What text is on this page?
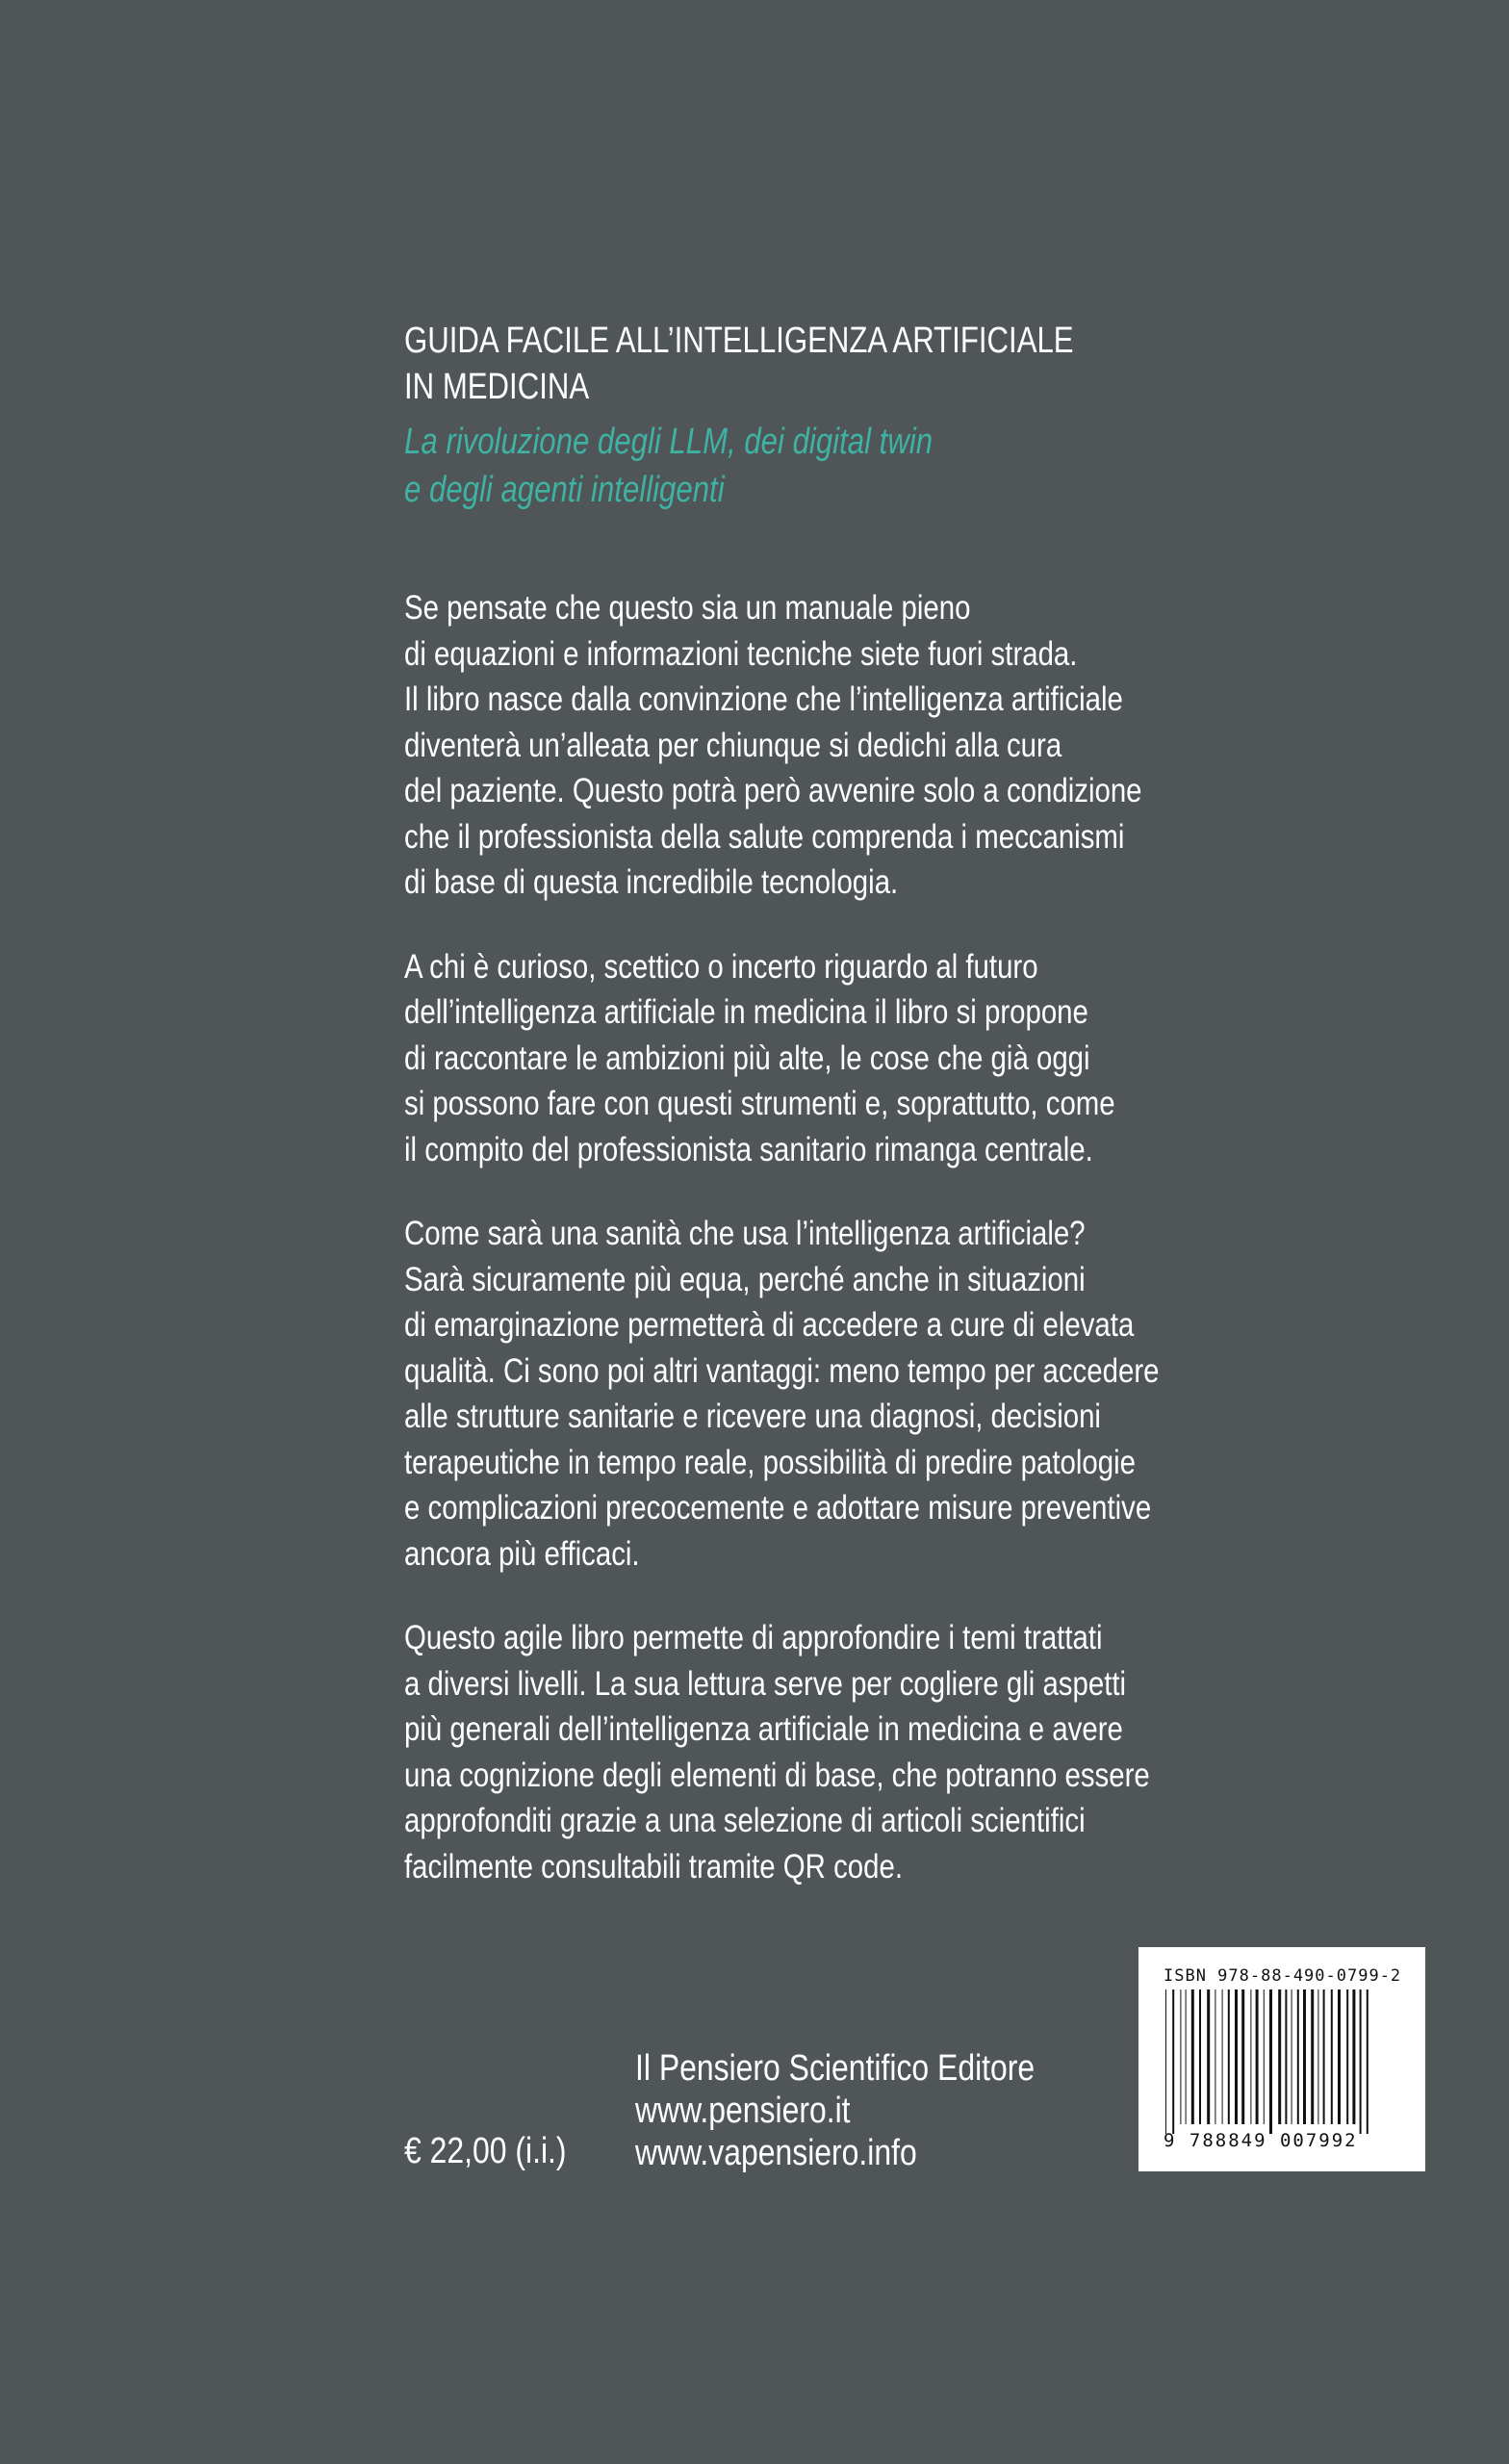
GUIDA FACILE ALL’INTELLIGENZA ARTIFICIALE
IN MEDICINA
La rivoluzione degli LLM, dei digital twin
e degli agenti intelligenti
Se pensate che questo sia un manuale pieno
di equazioni e informazioni tecniche siete fuori strada.
Il libro nasce dalla convinzione che l’intelligenza artificiale
diventerà un’alleata per chiunque si dedichi alla cura
del paziente. Questo potrà però avvenire solo a condizione
che il professionista della salute comprenda i meccanismi
di base di questa incredibile tecnologia.
A chi è curioso, scettico o incerto riguardo al futuro
dell’intelligenza artificiale in medicina il libro si propone
di raccontare le ambizioni più alte, le cose che già oggi
si possono fare con questi strumenti e, soprattutto, come
il compito del professionista sanitario rimanga centrale.
Come sarà una sanità che usa l’intelligenza artificiale?
Sarà sicuramente più equa, perché anche in situazioni
di emarginazione permetterà di accedere a cure di elevata
qualità. Ci sono poi altri vantaggi: meno tempo per accedere
alle strutture sanitarie e ricevere una diagnosi, decisioni
terapeutiche in tempo reale, possibilità di predire patologie
e complicazioni precocemente e adottare misure preventive
ancora più efficaci.
Questo agile libro permette di approfondire i temi trattati
a diversi livelli. La sua lettura serve per cogliere gli aspetti
più generali dell’intelligenza artificiale in medicina e avere
una cognizione degli elementi di base, che potranno essere
approfonditi grazie a una selezione di articoli scientifici
facilmente consultabili tramite QR code.
€ 22,00 (i.i.)
Il Pensiero Scientifico Editore
www.pensiero.it
www.vapensiero.info
ISBN 978-88-490-0799-2
9 788849 007992
